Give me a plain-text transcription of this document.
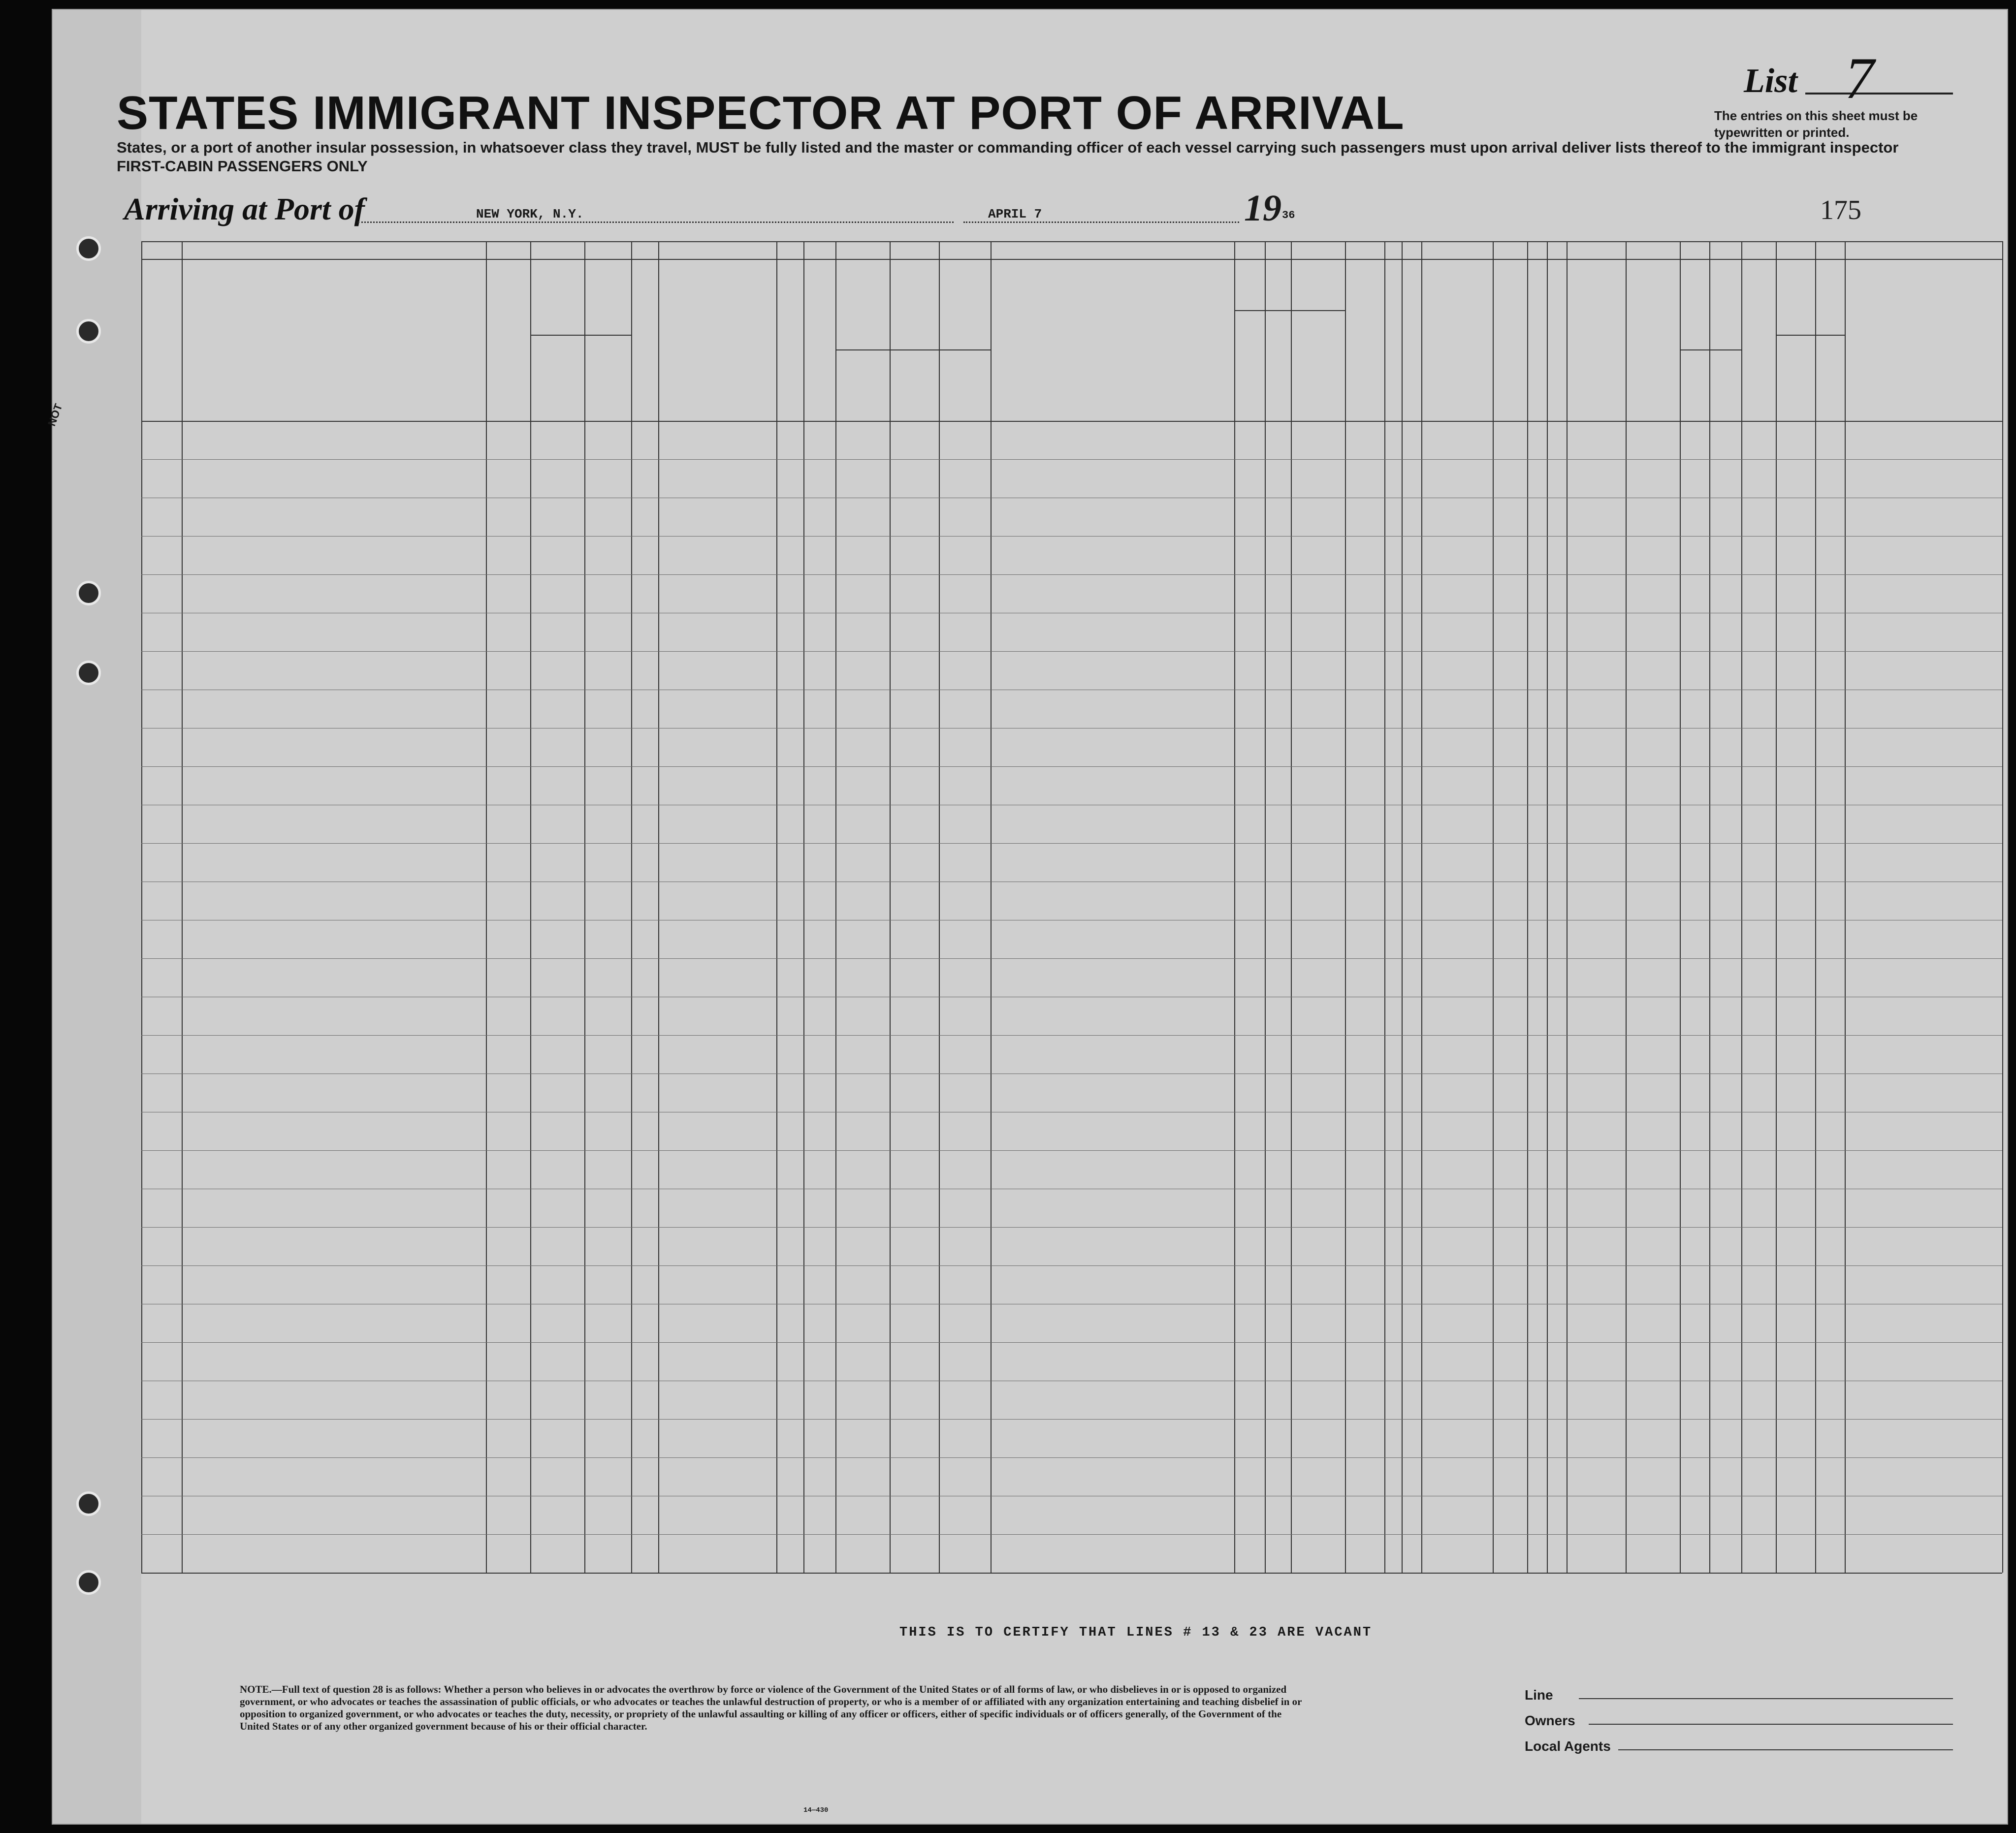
NOT
STATES IMMIGRANT INSPECTOR AT PORT OF ARRIVAL
List 7
The entries on this sheet must be typewritten or printed.
States, or a port of another insular possession, in whatsoever class they travel, MUST be fully listed and the master or commanding officer of each vessel carrying such passengers must upon arrival deliver lists thereof to the immigrant inspector
FIRST-CABIN PASSENGERS ONLY
Arriving at Port of	NEW YORK, N.Y.	APRIL 7	19 36	175
THIS IS TO CERTIFY THAT LINES # 13 & 23 ARE VACANT
NOTE.—Full text of question 28 is as follows: Whether a person who believes in or advocates the overthrow by force or violence of the Government of the United States or of all forms of law, or who disbelieves in or is opposed to organized government, or who advocates or teaches the assassination of public officials, or who advocates or teaches the unlawful destruction of property, or who is a member of or affiliated with any organization entertaining and teaching disbelief in or opposition to organized government, or who advocates or teaches the duty, necessity, or propriety of the unlawful assaulting or killing of any officer or officers, either of specific individuals or of officers generally, of the Government of the United States or of any other organized government because of his or their official character.
Line
Owners
Local Agents
14—430
